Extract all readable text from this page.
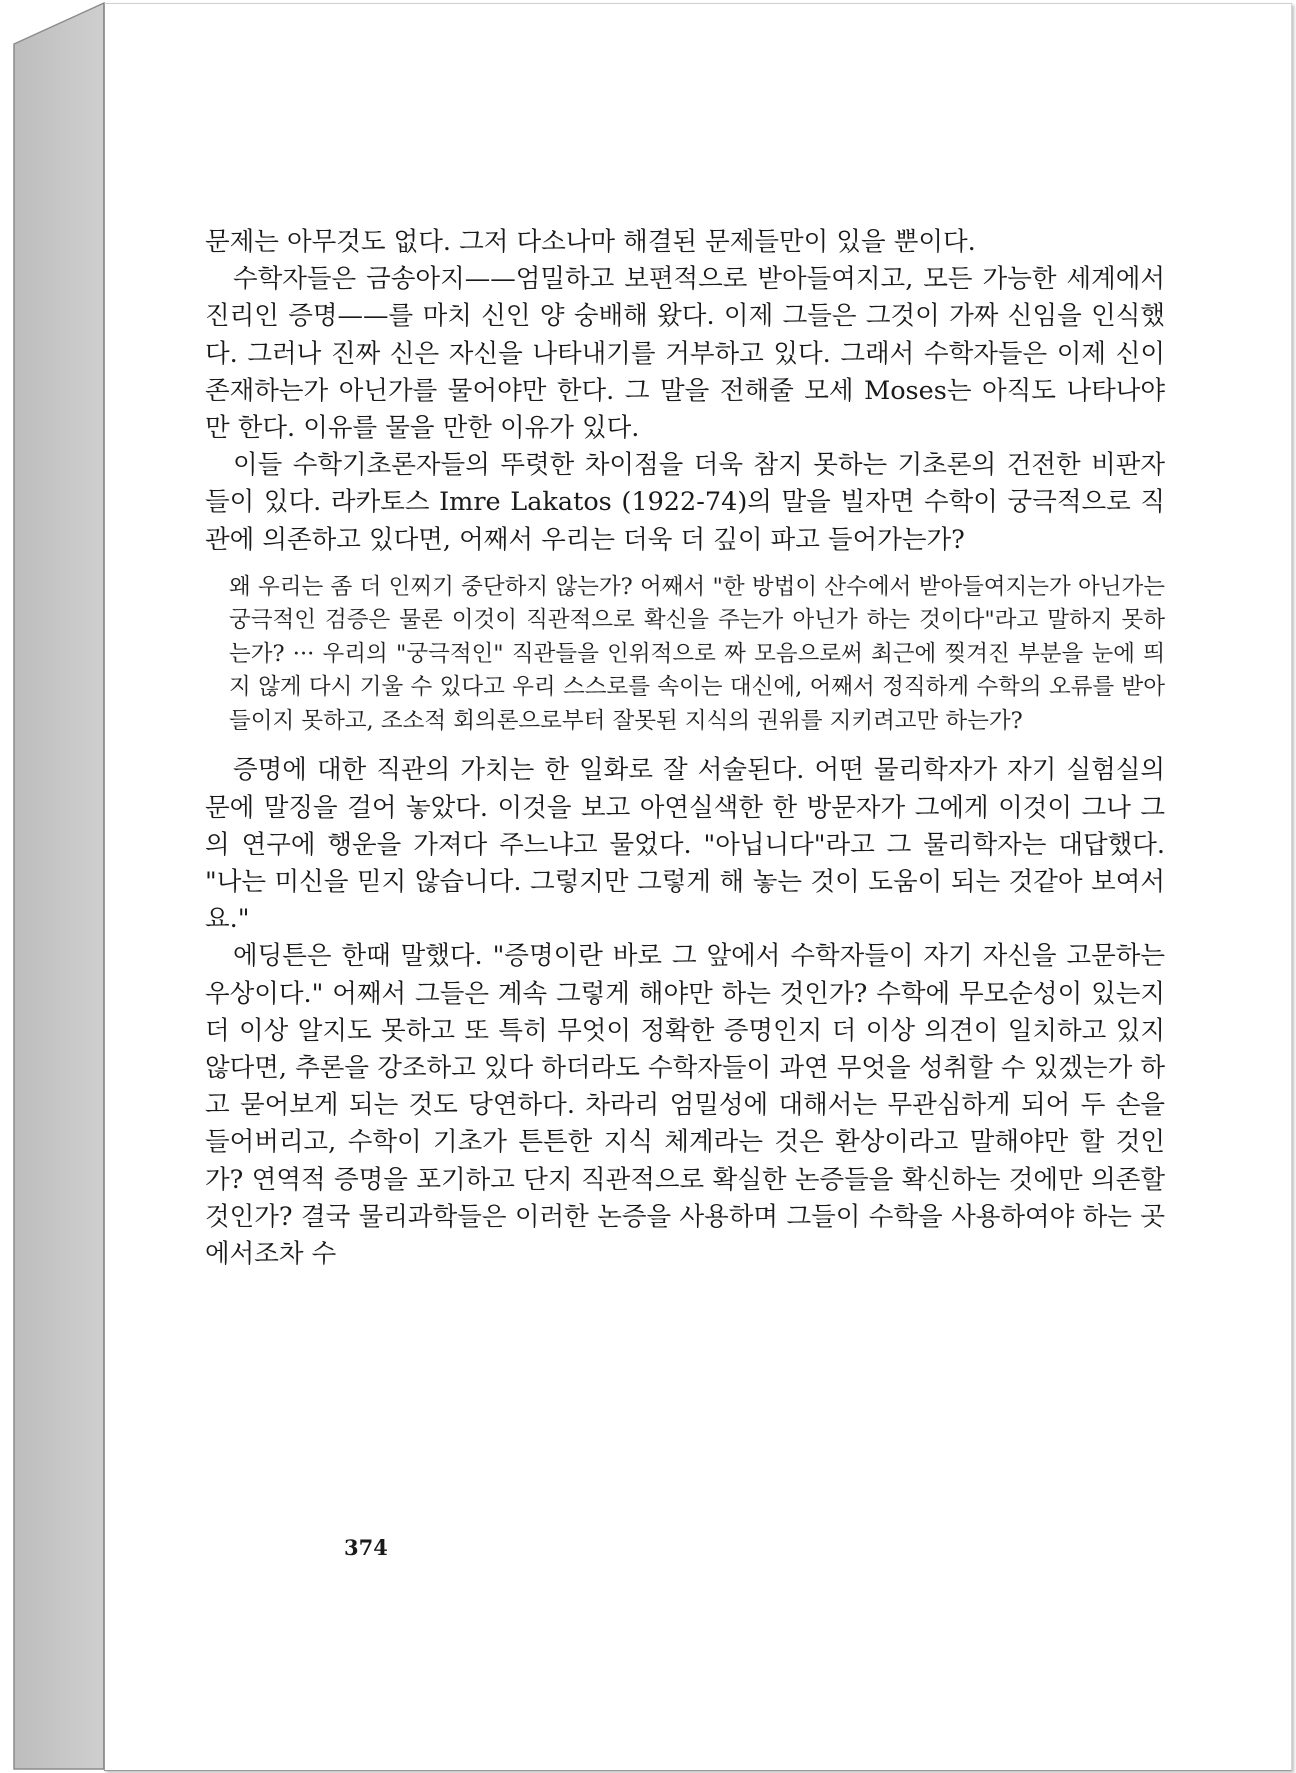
문제는 아무것도 없다. 그저 다소나마 해결된 문제들만이 있을 뿐이다.

수학자들은 금송아지——엄밀하고 보편적으로 받아들여지고, 모든 가능한 세계에서 진리인 증명——를 마치 신인 양 숭배해 왔다. 이제 그들은 그것이 가짜 신임을 인식했다. 그러나 진짜 신은 자신을 나타내기를 거부하고 있다. 그래서 수학자들은 이제 신이 존재하는가 아닌가를 물어야만 한다. 그 말을 전해줄 모세 Moses는 아직도 나타나야만 한다. 이유를 물을 만한 이유가 있다.

이들 수학기초론자들의 뚜렷한 차이점을 더욱 참지 못하는 기초론의 건전한 비판자들이 있다. 라카토스 Imre Lakatos (1922-74)의 말을 빌자면 수학이 궁극적으로 직관에 의존하고 있다면, 어째서 우리는 더욱 더 깊이 파고 들어가는가?

왜 우리는 좀 더 인찌기 중단하지 않는가? 어째서 "한 방법이 산수에서 받아들여지는가 아닌가는 궁극적인 검증은 물론 이것이 직관적으로 확신을 주는가 아닌가 하는 것이다"라고 말하지 못하는가? ··· 우리의 "궁극적인" 직관들을 인위적으로 짜 모음으로써 최근에 찢겨진 부분을 눈에 띄지 않게 다시 기울 수 있다고 우리 스스로를 속이는 대신에, 어째서 정직하게 수학의 오류를 받아들이지 못하고, 조소적 회의론으로부터 잘못된 지식의 권위를 지키려고만 하는가?

증명에 대한 직관의 가치는 한 일화로 잘 서술된다. 어떤 물리학자가 자기 실험실의 문에 말징을 걸어 놓았다. 이것을 보고 아연실색한 한 방문자가 그에게 이것이 그나 그의 연구에 행운을 가져다 주느냐고 물었다. "아닙니다"라고 그 물리학자는 대답했다. "나는 미신을 믿지 않습니다. 그렇지만 그렇게 해 놓는 것이 도움이 되는 것같아 보여서요."

에딩튼은 한때 말했다. "증명이란 바로 그 앞에서 수학자들이 자기 자신을 고문하는 우상이다." 어째서 그들은 계속 그렇게 해야만 하는 것인가? 수학에 무모순성이 있는지 더 이상 알지도 못하고 또 특히 무엇이 정확한 증명인지 더 이상 의견이 일치하고 있지 않다면, 추론을 강조하고 있다 하더라도 수학자들이 과연 무엇을 성취할 수 있겠는가 하고 묻어보게 되는 것도 당연하다. 차라리 엄밀성에 대해서는 무관심하게 되어 두 손을 들어버리고, 수학이 기초가 튼튼한 지식 체계라는 것은 환상이라고 말해야만 할 것인가? 연역적 증명을 포기하고 단지 직관적으로 확실한 논증들을 확신하는 것에만 의존할 것인가? 결국 물리과학들은 이러한 논증을 사용하며 그들이 수학을 사용하여야 하는 곳에서조차 수

374
